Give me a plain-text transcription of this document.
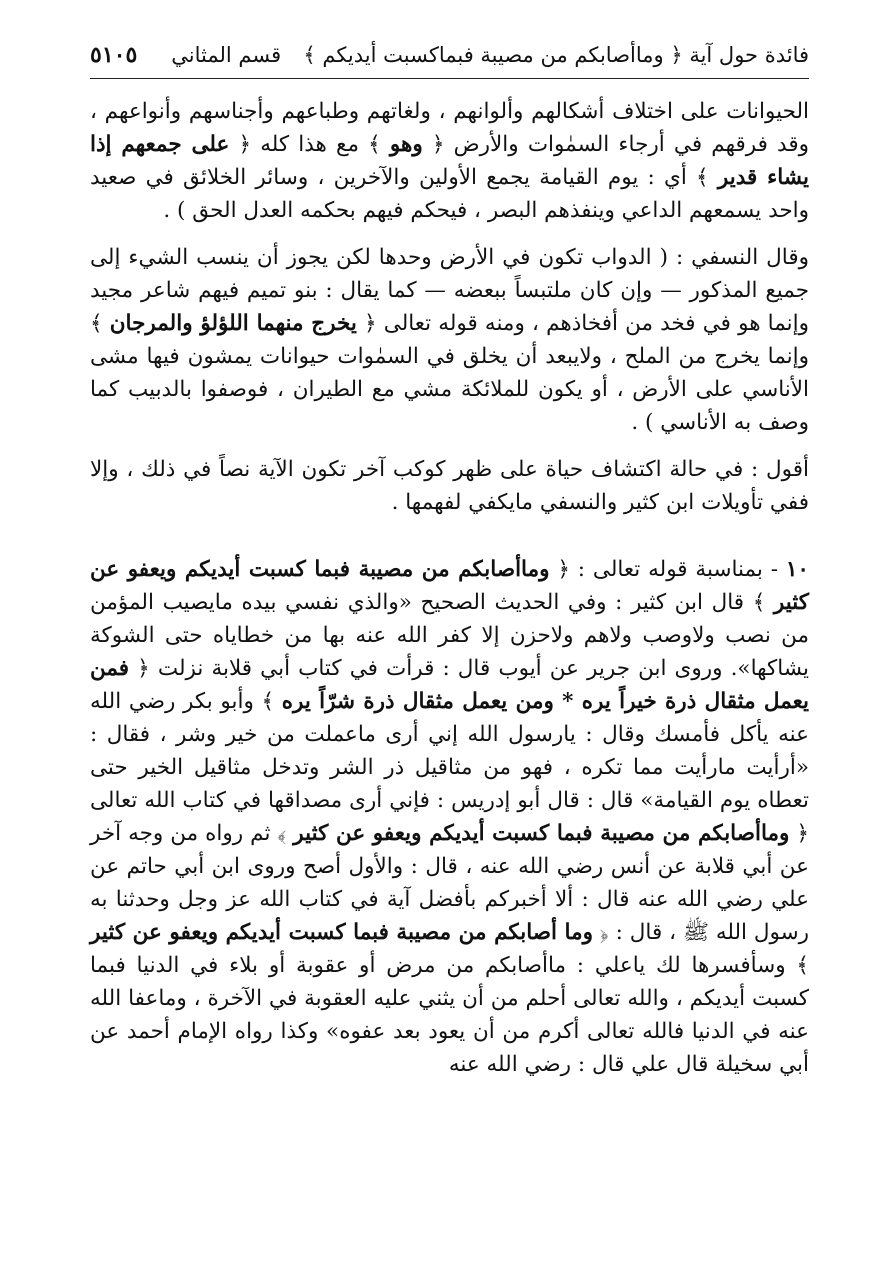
فائدة حول آية ﴿ وماأصابكم من مصيبة فبماكسبت أيديكم ﴾
قسم المثاني
٥١٠٥

الحيوانات على اختلاف أشكالهم وألوانهم ، ولغاتهم وطباعهم وأجناسهم وأنواعهم ، وقد فرقهم في أرجاء السمٰوات والأرض ﴿ وهو ﴾ مع هذا كله ﴿ على جمعهم إذا يشاء قدير ﴾ أي : يوم القيامة يجمع الأولين والآخرين ، وسائر الخلائق في صعيد واحد يسمعهم الداعي وينفذهم البصر ، فيحكم فيهم بحكمه العدل الحق ) .

وقال النسفي : ( الدواب تكون في الأرض وحدها لكن يجوز أن ينسب الشيء إلى جميع المذكور — وإن كان ملتبساً ببعضه — كما يقال : بنو تميم فيهم شاعر مجيد وإنما هو في فخد من أفخاذهم ، ومنه قوله تعالى ﴿ يخرج منهما اللؤلؤ والمرجان ﴾ وإنما يخرج من الملح ، ولايبعد أن يخلق في السمٰوات حيوانات يمشون فيها مشى الأناسي على الأرض ، أو يكون للملائكة مشي مع الطيران ، فوصفوا بالدبيب كما وصف به الأناسي ) .

أقول : في حالة اكتشاف حياة على ظهر كوكب آخر تكون الآية نصاً في ذلك ، وإلا ففي تأويلات ابن كثير والنسفي مايكفي لفهمها .

١٠ - بمناسبة قوله تعالى : ﴿ وماأصابكم من مصيبة فبما كسبت أيديكم ويعفو عن كثير ﴾ قال ابن كثير : وفي الحديث الصحيح «والذي نفسي بيده مايصيب المؤمن من نصب ولاوصب ولاهم ولاحزن إلا كفر الله عنه بها من خطاياه حتى الشوكة يشاكها». وروى ابن جرير عن أيوب قال : قرأت في كتاب أبي قلابة نزلت ﴿ فمن يعمل مثقال ذرة خيراً يره * ومن يعمل مثقال ذرة شرّاً يره ﴾ وأبو بكر رضي الله عنه يأكل فأمسك وقال : يارسول الله إني أرى ماعملت من خير وشر ، فقال : «أرأيت مارأيت مما تكره ، فهو من مثاقيل ذر الشر وتدخل مثاقيل الخير حتى تعطاه يوم القيامة» قال : قال أبو إدريس : فإني أرى مصداقها في كتاب الله تعالى ﴿ وماأصابكم من مصيبة فبما كسبت أيديكم ويعفو عن كثير ﴾ ثم رواه من وجه آخر عن أبي قلابة عن أنس رضي الله عنه ، قال : والأول أصح وروى ابن أبي حاتم عن علي رضي الله عنه قال : ألا أخبركم بأفضل آية في كتاب الله عز وجل وحدثنا به رسول الله ﷺ ، قال : ﴿ وما أصابكم من مصيبة فبما كسبت أيديكم ويعفو عن كثير ﴾ وسأفسرها لك ياعلي : ماأصابكم من مرض أو عقوبة أو بلاء في الدنيا فبما كسبت أيديكم ، والله تعالى أحلم من أن يثني عليه العقوبة في الآخرة ، وماعفا الله عنه في الدنيا فالله تعالى أكرم من أن يعود بعد عفوه» وكذا رواه الإمام أحمد عن أبي سخيلة قال علي قال : رضي الله عنه
